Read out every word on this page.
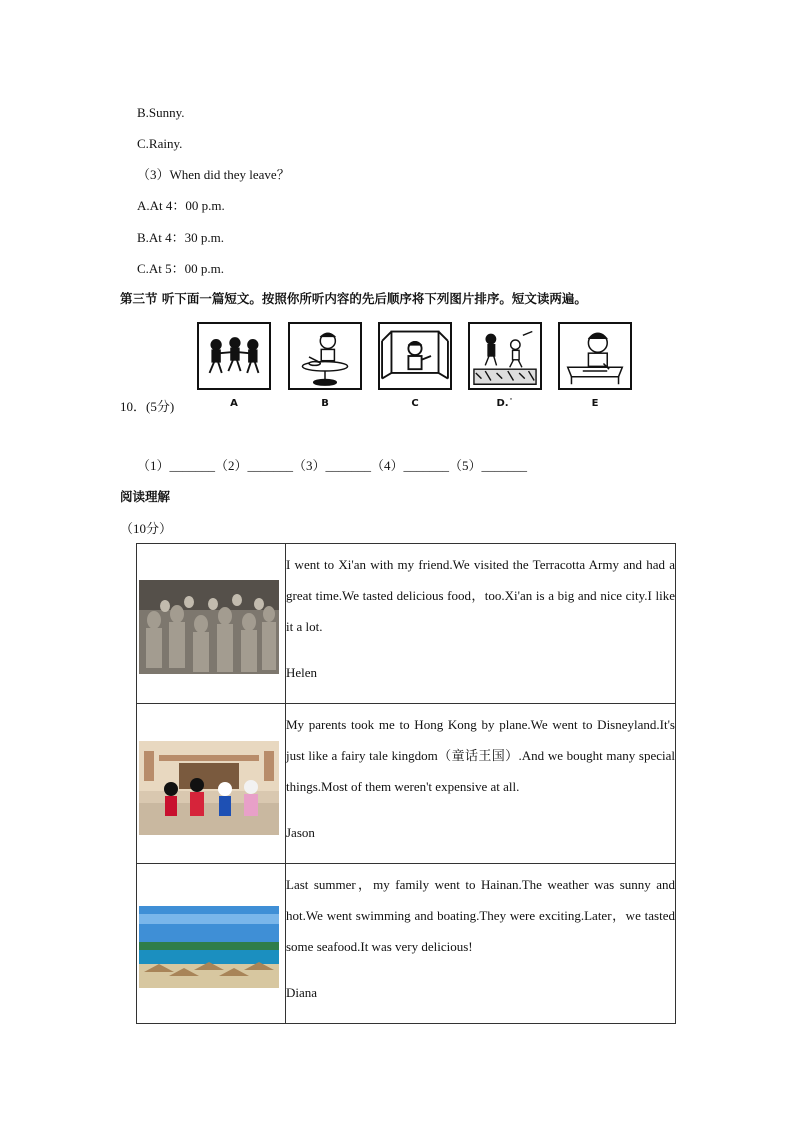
B.Sunny.
C.Rainy.
（3）When did they leave？
A.At 4：00 p.m.
B.At 4：30 p.m.
C.At 5：00 p.m.
第三节 听下面一篇短文。按照你所听内容的先后顺序将下列图片排序。短文读两遍。
A	B	C	D.˙	E
10．(5分)
（1）_______（2）_______（3）_______（4）_______（5）_______
阅读理解
（10分）

I went to Xi'an with my friend.We visited the Terracotta Army and had a great time.We tasted delicious food，too.Xi'an is a big and nice city.I like it a lot.

Helen

My parents took me to Hong Kong by plane.We went to Disneyland.It's just like a fairy tale kingdom（童话王国）.And we bought many special things.Most of them weren't expensive at all.

Jason

Last summer，my family went to Hainan.The weather was sunny and hot.We went swimming and boating.They were exciting.Later，we tasted some seafood.It was very delicious!

Diana
